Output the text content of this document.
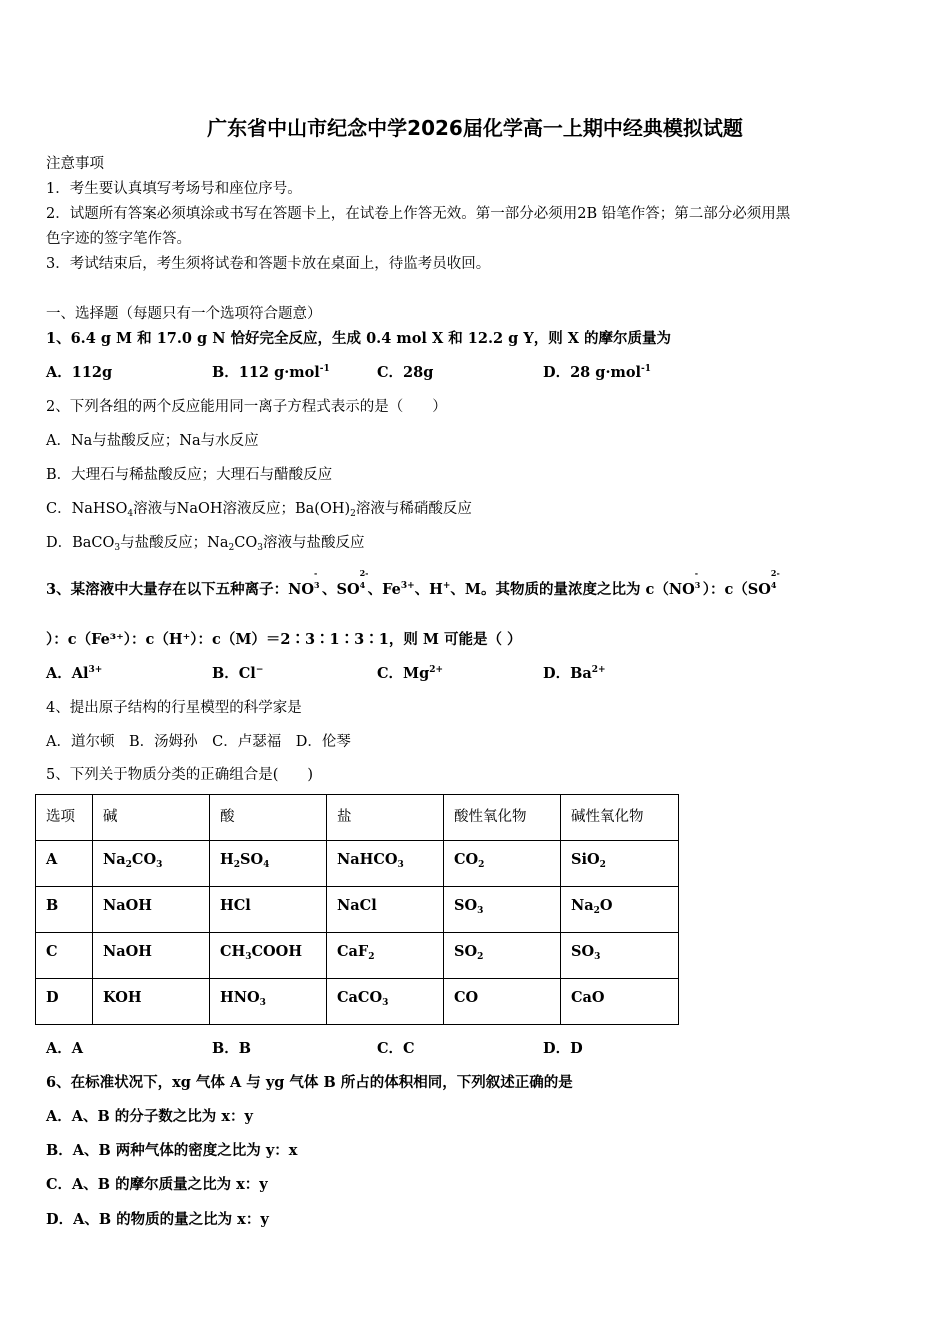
广东省中山市纪念中学2026届化学高一上期中经典模拟试题
注意事项
1．考生要认真填写考场号和座位序号。
2．试题所有答案必须填涂或书写在答题卡上，在试卷上作答无效。第一部分必须用2B 铅笔作答；第二部分必须用黑
色字迹的签字笔作答。
3．考试结束后，考生须将试卷和答题卡放在桌面上，待监考员收回。
一、选择题（每题只有一个选项符合题意）
1、6.4 g M 和 17.0 g N 恰好完全反应，生成 0.4 mol X 和 12.2 g Y，则 X 的摩尔质量为
A．112g	B．112 g·mol$^{-1}$	C．28g	D．28 g·mol$^{-1}$
2、下列各组的两个反应能用同一离子方程式表示的是（　　）
A．Na与盐酸反应；Na与水反应
B．大理石与稀盐酸反应；大理石与醋酸反应
C．NaHSO$_4$溶液与NaOH溶液反应；$Ba(OH)_2$溶液与稀硝酸反应
D．BaCO$_3$与盐酸反应；$Na_2CO_3$溶液与盐酸反应
3、某溶液中大量存在以下五种离子：NO
-
3 、SO
2-
4 、$Fe^{3+}$、H+、M。其物质的量浓度之比为 c（NO
-
3 ）：c（SO
2-
4
）：c（Fe³⁺）：c（H⁺）：c（M）＝2∶3∶1∶3∶1，则 M 可能是（ ）
A．$Al^{3+}$	B．Cl−	C．$Mg^{2+}$	D．$Ba^{2+}$
4、提出原子结构的行星模型的科学家是
A．道尔顿　B．汤姆孙　C．卢瑟福　D．伦琴
5、下列关于物质分类的正确组合是(　　)
选项	碱	酸	盐	酸性氧化物	碱性氧化物
A	$Na_2CO_3$	$H_2SO_4$	NaHCO$_3$	$CO_2$	SiO$_2$
B	NaOH	HCl	NaCl	$SO_3$	$Na_2O$
C	NaOH	$CH_3COOH$	CaF$_2$	$SO_2$	$SO_3$
D	KOH	$HNO_3$	CaCO$_3$	CO	CaO
A．A	B．B	C．C	D．D
6、在标准状况下，xg 气体 A 与 yg 气体 B 所占的体积相同，下列叙述正确的是
A．A、B 的分子数之比为 x：y
B．A、B 两种气体的密度之比为 y：x
C．A、B 的摩尔质量之比为 x：y
D．A、B 的物质的量之比为 x：y
